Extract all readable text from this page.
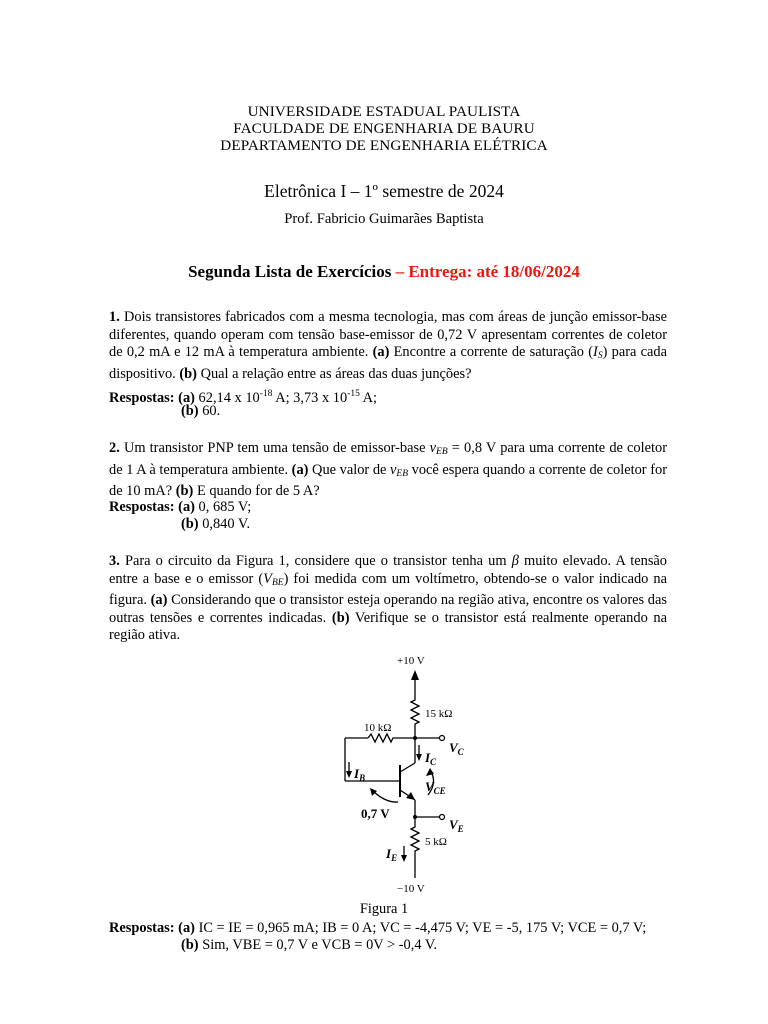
UNIVERSIDADE ESTADUAL PAULISTA
FACULDADE DE ENGENHARIA DE BAURU
DEPARTAMENTO DE ENGENHARIA ELÉTRICA
Eletrônica I – 1º semestre de 2024
Prof. Fabricio Guimarães Baptista
Segunda Lista de Exercícios – Entrega: até 18/06/2024
1. Dois transistores fabricados com a mesma tecnologia, mas com áreas de junção emissor-base diferentes, quando operam com tensão base-emissor de 0,72 V apresentam correntes de coletor de 0,2 mA e 12 mA à temperatura ambiente. (a) Encontre a corrente de saturação $(I_S)$ para cada dispositivo. (b) Qual a relação entre as áreas das duas junções?
Respostas: (a) 62,14 x $10^{-18}$ A; 3,73 x $10^{-15}$ A;
(b) 60.
2. Um transistor PNP tem uma tensão de emissor-base $v_{EB} = 0,8$ V para uma corrente de coletor de 1 A à temperatura ambiente. (a) Que valor de $v_{EB}$ você espera quando a corrente de coletor for de 10 mA? (b) E quando for de 5 A?
Respostas: (a) 0, 685 V;
(b) 0,840 V.
3. Para o circuito da Figura 1, considere que o transistor tenha um β muito elevado. A tensão entre a base e o emissor $(V_{BE})$ foi medida com um voltímetro, obtendo-se o valor indicado na figura. (a) Considerando que o transistor esteja operando na região ativa, encontre os valores das outras tensões e correntes indicadas. (b) Verifique se o transistor está realmente operando na região ativa.
+10 V
−10 V
15 kΩ
10 kΩ
5 kΩ
$V_C$
$V_E$
$V_{CE}$
$I_C$
$I_B$
$I_E$
0,7 V
Figura 1
Respostas: (a) IC = IE = 0,965 mA; IB = 0 A; VC = -4,475 V; VE = -5, 175 V; VCE = 0,7 V;
(b) Sim, VBE = 0,7 V e VCB = 0V > -0,4 V.
